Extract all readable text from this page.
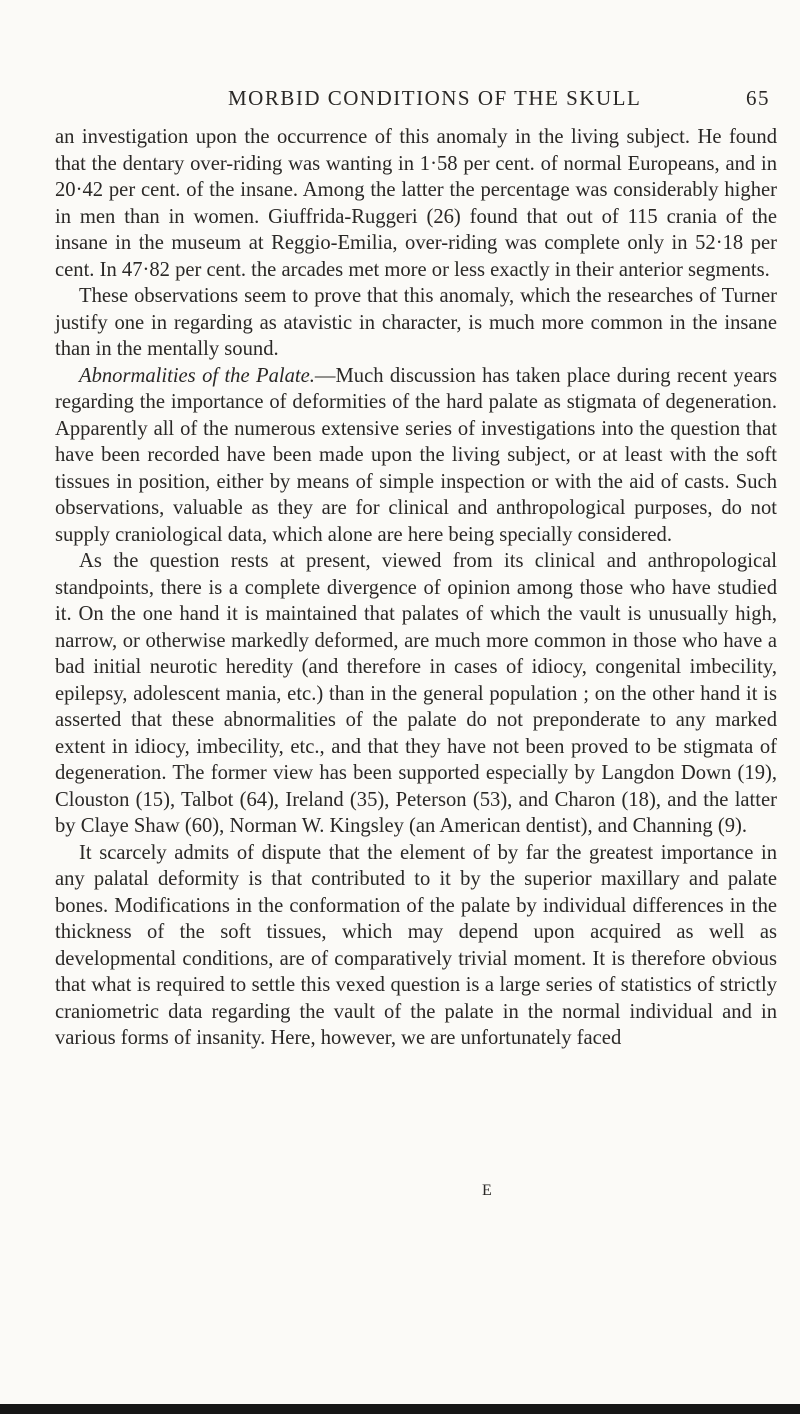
MORBID CONDITIONS OF THE SKULL	65

an investigation upon the occurrence of this anomaly in the living subject. He found that the dentary over-riding was wanting in 1·58 per cent. of normal Europeans, and in 20·42 per cent. of the insane. Among the latter the percentage was considerably higher in men than in women. Giuffrida-Ruggeri (26) found that out of 115 crania of the insane in the museum at Reggio-Emilia, over-riding was complete only in 52·18 per cent. In 47·82 per cent. the arcades met more or less exactly in their anterior segments.

These observations seem to prove that this anomaly, which the researches of Turner justify one in regarding as atavistic in character, is much more common in the insane than in the mentally sound.

Abnormalities of the Palate.—Much discussion has taken place during recent years regarding the importance of deformities of the hard palate as stigmata of degeneration. Apparently all of the numerous extensive series of investigations into the question that have been recorded have been made upon the living subject, or at least with the soft tissues in position, either by means of simple inspection or with the aid of casts. Such observations, valuable as they are for clinical and anthropological purposes, do not supply craniological data, which alone are here being specially considered.

As the question rests at present, viewed from its clinical and anthropological standpoints, there is a complete divergence of opinion among those who have studied it. On the one hand it is maintained that palates of which the vault is unusually high, narrow, or otherwise markedly deformed, are much more common in those who have a bad initial neurotic heredity (and therefore in cases of idiocy, congenital imbecility, epilepsy, adolescent mania, etc.) than in the general population ; on the other hand it is asserted that these abnormalities of the palate do not preponderate to any marked extent in idiocy, imbecility, etc., and that they have not been proved to be stigmata of degeneration. The former view has been supported especially by Langdon Down (19), Clouston (15), Talbot (64), Ireland (35), Peterson (53), and Charon (18), and the latter by Claye Shaw (60), Norman W. Kingsley (an American dentist), and Channing (9).

It scarcely admits of dispute that the element of by far the greatest importance in any palatal deformity is that contributed to it by the superior maxillary and palate bones. Modifications in the conformation of the palate by individual differences in the thickness of the soft tissues, which may depend upon acquired as well as developmental conditions, are of comparatively trivial moment. It is therefore obvious that what is required to settle this vexed question is a large series of statistics of strictly craniometric data regarding the vault of the palate in the normal individual and in various forms of insanity. Here, however, we are unfortunately faced

E
